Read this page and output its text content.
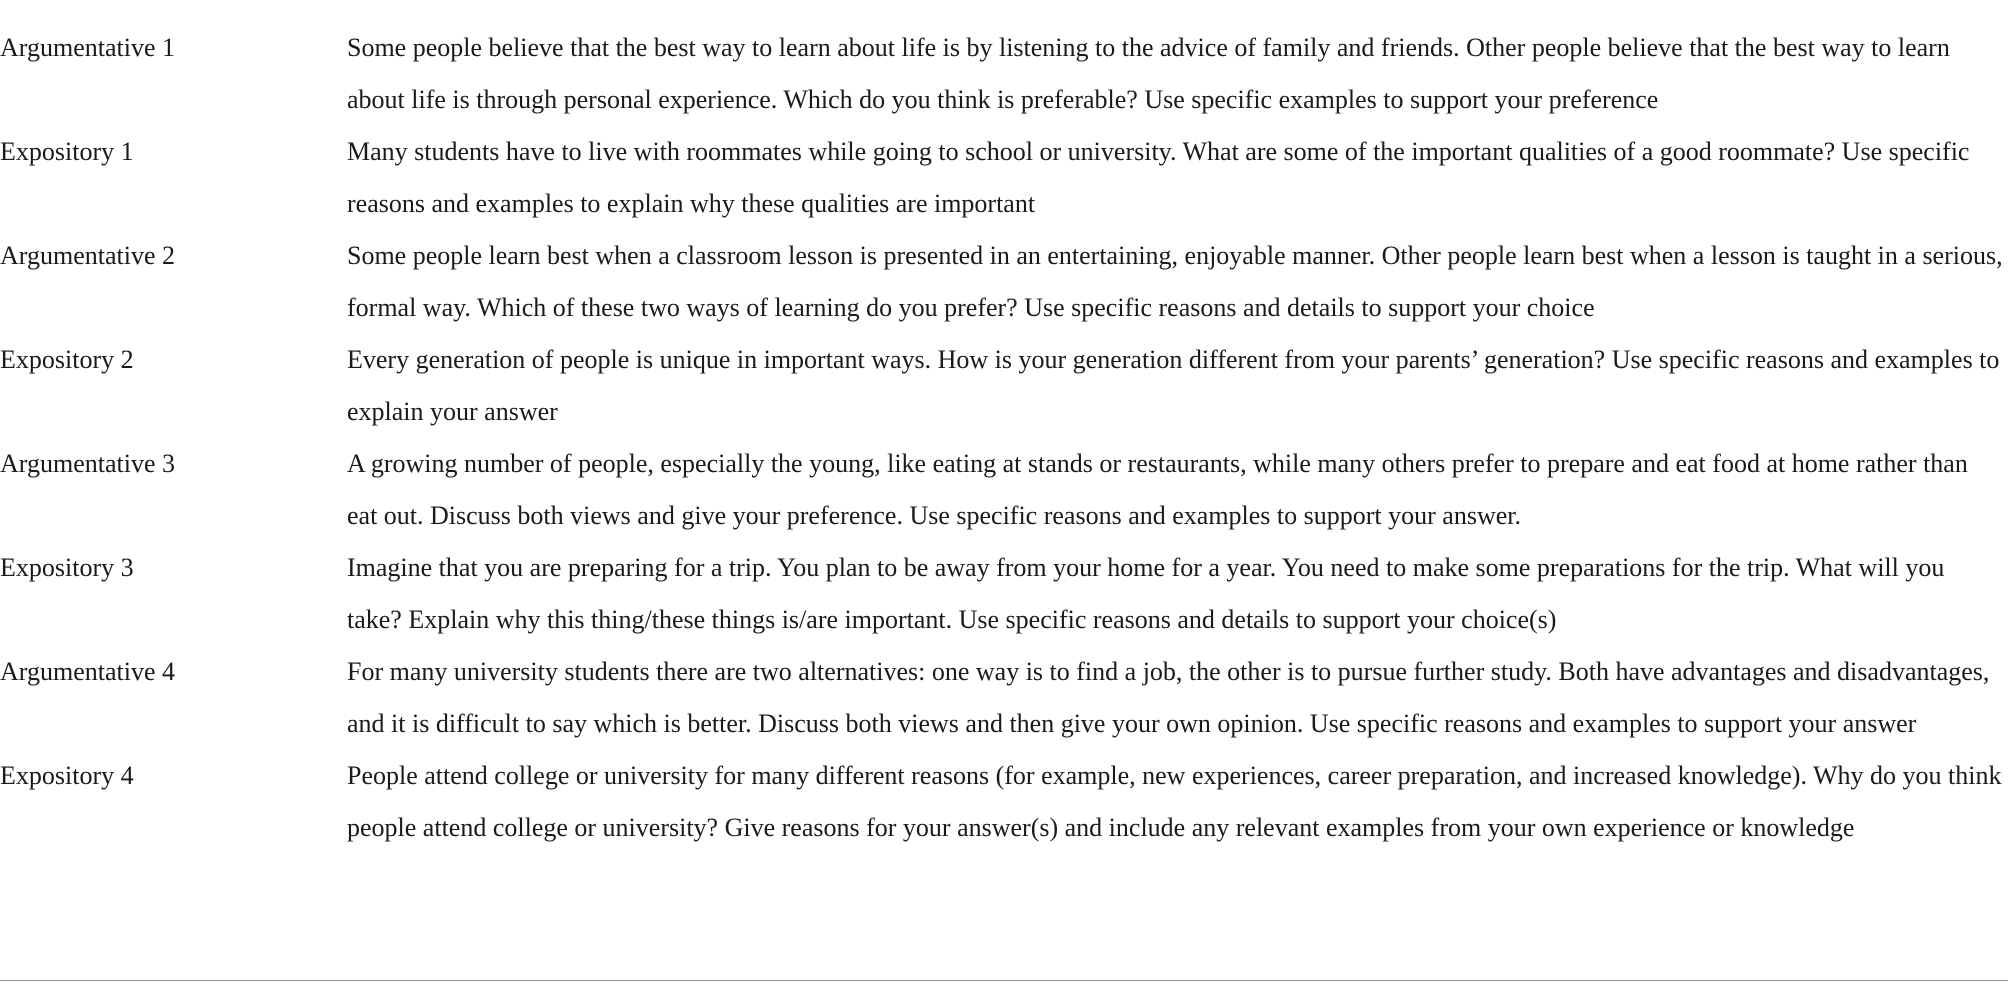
Argumentative 1	Some people believe that the best way to learn about life is by listening to the advice of family and friends. Other people believe that the best way to learn about life is through personal experience. Which do you think is preferable? Use specific examples to support your preference
Expository 1	Many students have to live with roommates while going to school or university. What are some of the important qualities of a good roommate? Use specific reasons and examples to explain why these qualities are important
Argumentative 2	Some people learn best when a classroom lesson is presented in an entertaining, enjoyable manner. Other people learn best when a lesson is taught in a serious, formal way. Which of these two ways of learning do you prefer? Use specific reasons and details to support your choice
Expository 2	Every generation of people is unique in important ways. How is your generation different from your parents’ generation? Use specific reasons and examples to explain your answer
Argumentative 3	A growing number of people, especially the young, like eating at stands or restaurants, while many others prefer to prepare and eat food at home rather than eat out. Discuss both views and give your preference. Use specific reasons and examples to support your answer.
Expository 3	Imagine that you are preparing for a trip. You plan to be away from your home for a year. You need to make some preparations for the trip. What will you take? Explain why this thing/these things is/are important. Use specific reasons and details to support your choice(s)
Argumentative 4	For many university students there are two alternatives: one way is to find a job, the other is to pursue further study. Both have advantages and disadvantages, and it is difficult to say which is better. Discuss both views and then give your own opinion. Use specific reasons and examples to support your answer
Expository 4	People attend college or university for many different reasons (for example, new experiences, career preparation, and increased knowledge). Why do you think people attend college or university? Give reasons for your answer(s) and include any relevant examples from your own experience or knowledge
